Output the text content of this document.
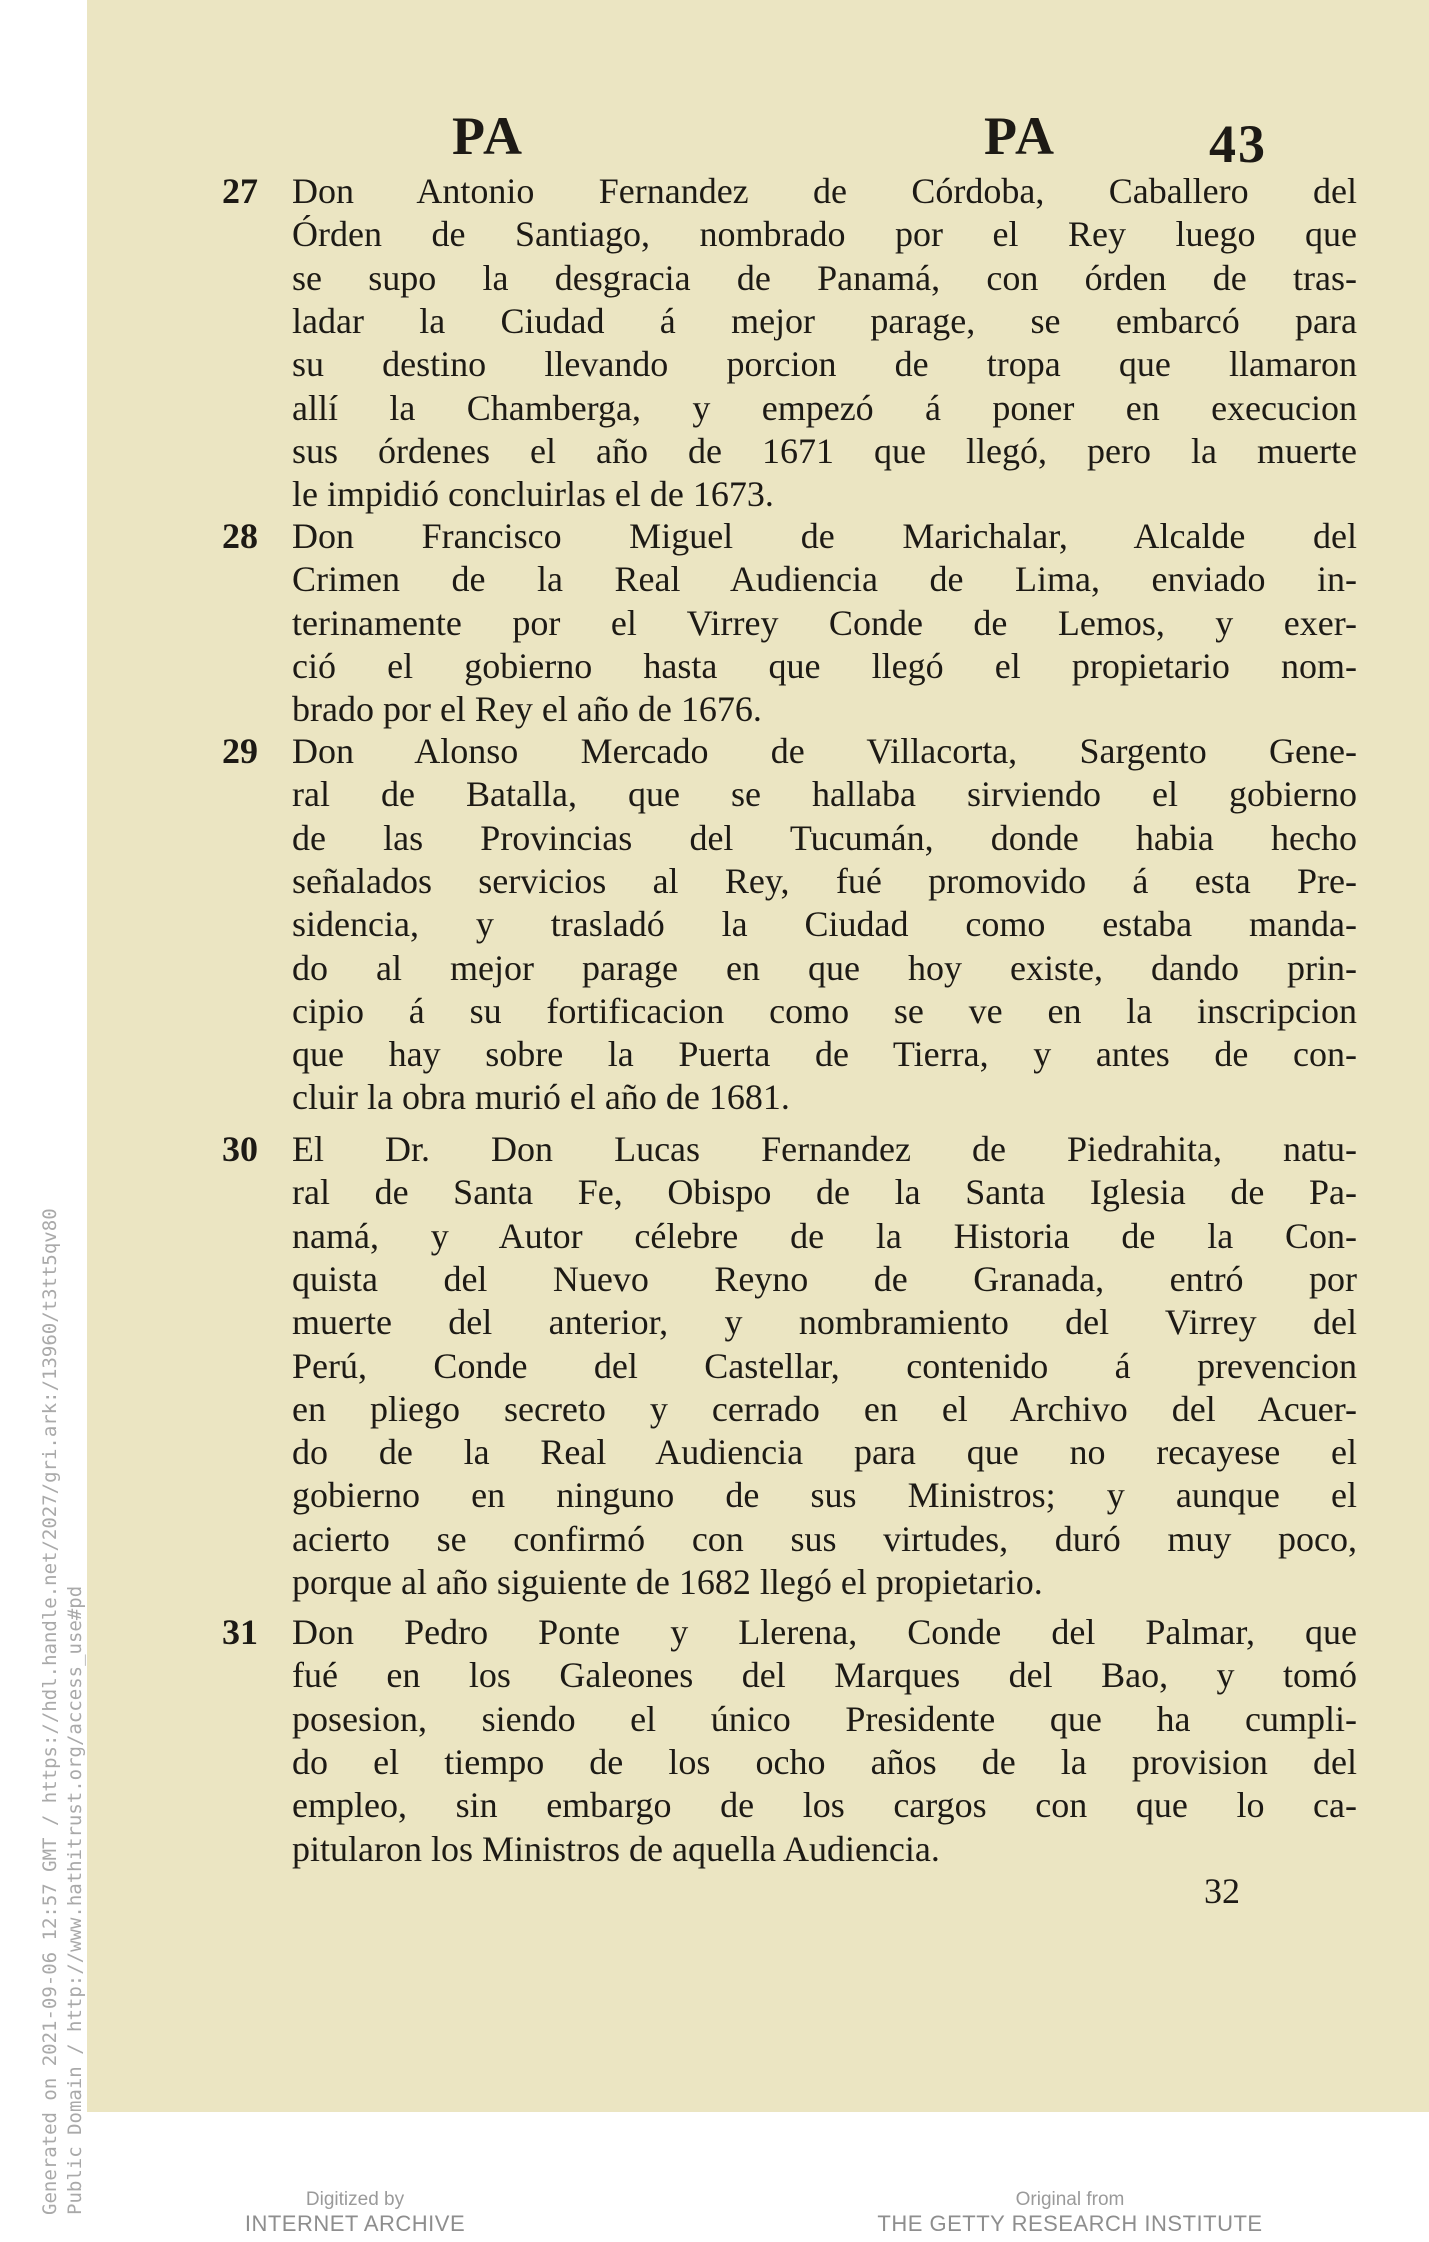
Generated on 2021-09-06 12:57 GMT / https://hdl.handle.net/2027/gri.ark:/13960/t3tt5qv80 Public Domain / http://www.hathitrust.org/access_use#pd
PA	PA	43
27 Don Antonio Fernandez de Córdoba, Caballero del
Órden de Santiago, nombrado por el Rey luego que
se supo la desgracia de Panamá, con órden de tras-
ladar la Ciudad á mejor parage, se embarcó para
su destino llevando porcion de tropa que llamaron
allí la Chamberga, y empezó á poner en execucion
sus órdenes el año de 1671 que llegó, pero la muerte
le impidió concluirlas el de 1673.
28 Don Francisco Miguel de Marichalar, Alcalde del
Crimen de la Real Audiencia de Lima, enviado in-
terinamente por el Virrey Conde de Lemos, y exer-
ció el gobierno hasta que llegó el propietario nom-
brado por el Rey el año de 1676.
29 Don Alonso Mercado de Villacorta, Sargento Gene-
ral de Batalla, que se hallaba sirviendo el gobierno
de las Provincias del Tucumán, donde habia hecho
señalados servicios al Rey, fué promovido á esta Pre-
sidencia, y trasladó la Ciudad como estaba manda-
do al mejor parage en que hoy existe, dando prin-
cipio á su fortificacion como se ve en la inscripcion
que hay sobre la Puerta de Tierra, y antes de con-
cluir la obra murió el año de 1681.
30 El Dr. Don Lucas Fernandez de Piedrahita, natu-
ral de Santa Fe, Obispo de la Santa Iglesia de Pa-
namá, y Autor célebre de la Historia de la Con-
quista del Nuevo Reyno de Granada, entró por
muerte del anterior, y nombramiento del Virrey del
Perú, Conde del Castellar, contenido á prevencion
en pliego secreto y cerrado en el Archivo del Acuer-
do de la Real Audiencia para que no recayese el
gobierno en ninguno de sus Ministros; y aunque el
acierto se confirmó con sus virtudes, duró muy poco,
porque al año siguiente de 1682 llegó el propietario.
31 Don Pedro Ponte y Llerena, Conde del Palmar, que
fué en los Galeones del Marques del Bao, y tomó
posesion, siendo el único Presidente que ha cumpli-
do el tiempo de los ocho años de la provision del
empleo, sin embargo de los cargos con que lo ca-
pitularon los Ministros de aquella Audiencia.
32
Digitized by
INTERNET ARCHIVE
Original from
THE GETTY RESEARCH INSTITUTE
